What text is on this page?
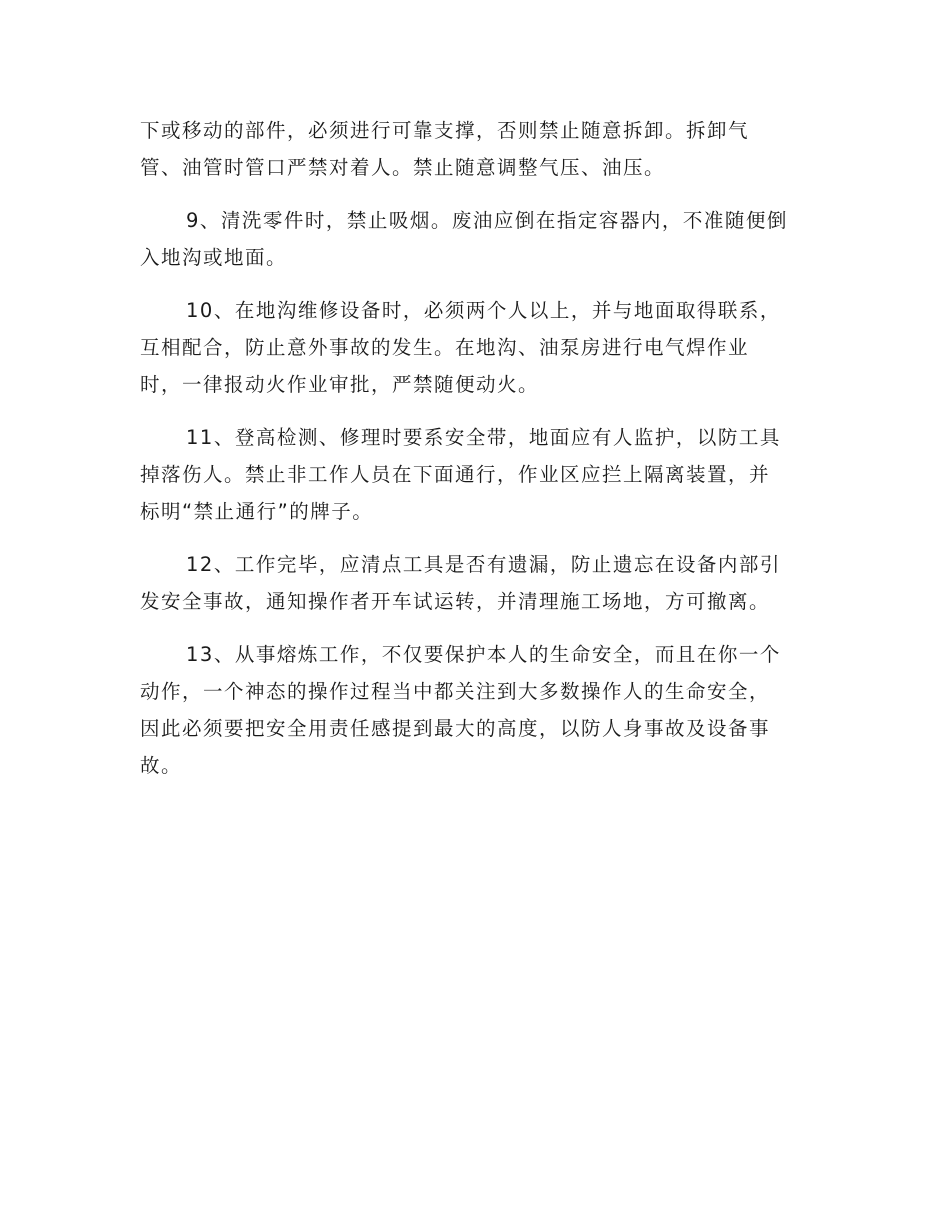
下或移动的部件，必须进行可靠支撑，否则禁止随意拆卸。拆卸气
管、油管时管口严禁对着人。禁止随意调整气压、油压。

9、清洗零件时，禁止吸烟。废油应倒在指定容器内，不准随便倒
入地沟或地面。

10、在地沟维修设备时，必须两个人以上，并与地面取得联系，
互相配合，防止意外事故的发生。在地沟、油泵房进行电气焊作业
时，一律报动火作业审批，严禁随便动火。

11、登高检测、修理时要系安全带，地面应有人监护，以防工具
掉落伤人。禁止非工作人员在下面通行，作业区应拦上隔离装置，并
标明“禁止通行”的牌子。

12、工作完毕，应清点工具是否有遗漏，防止遗忘在设备内部引
发安全事故，通知操作者开车试运转，并清理施工场地，方可撤离。

13、从事熔炼工作，不仅要保护本人的生命安全，而且在你一个
动作，一个神态的操作过程当中都关注到大多数操作人的生命安全，
因此必须要把安全用责任感提到最大的高度，以防人身事故及设备事
故。
